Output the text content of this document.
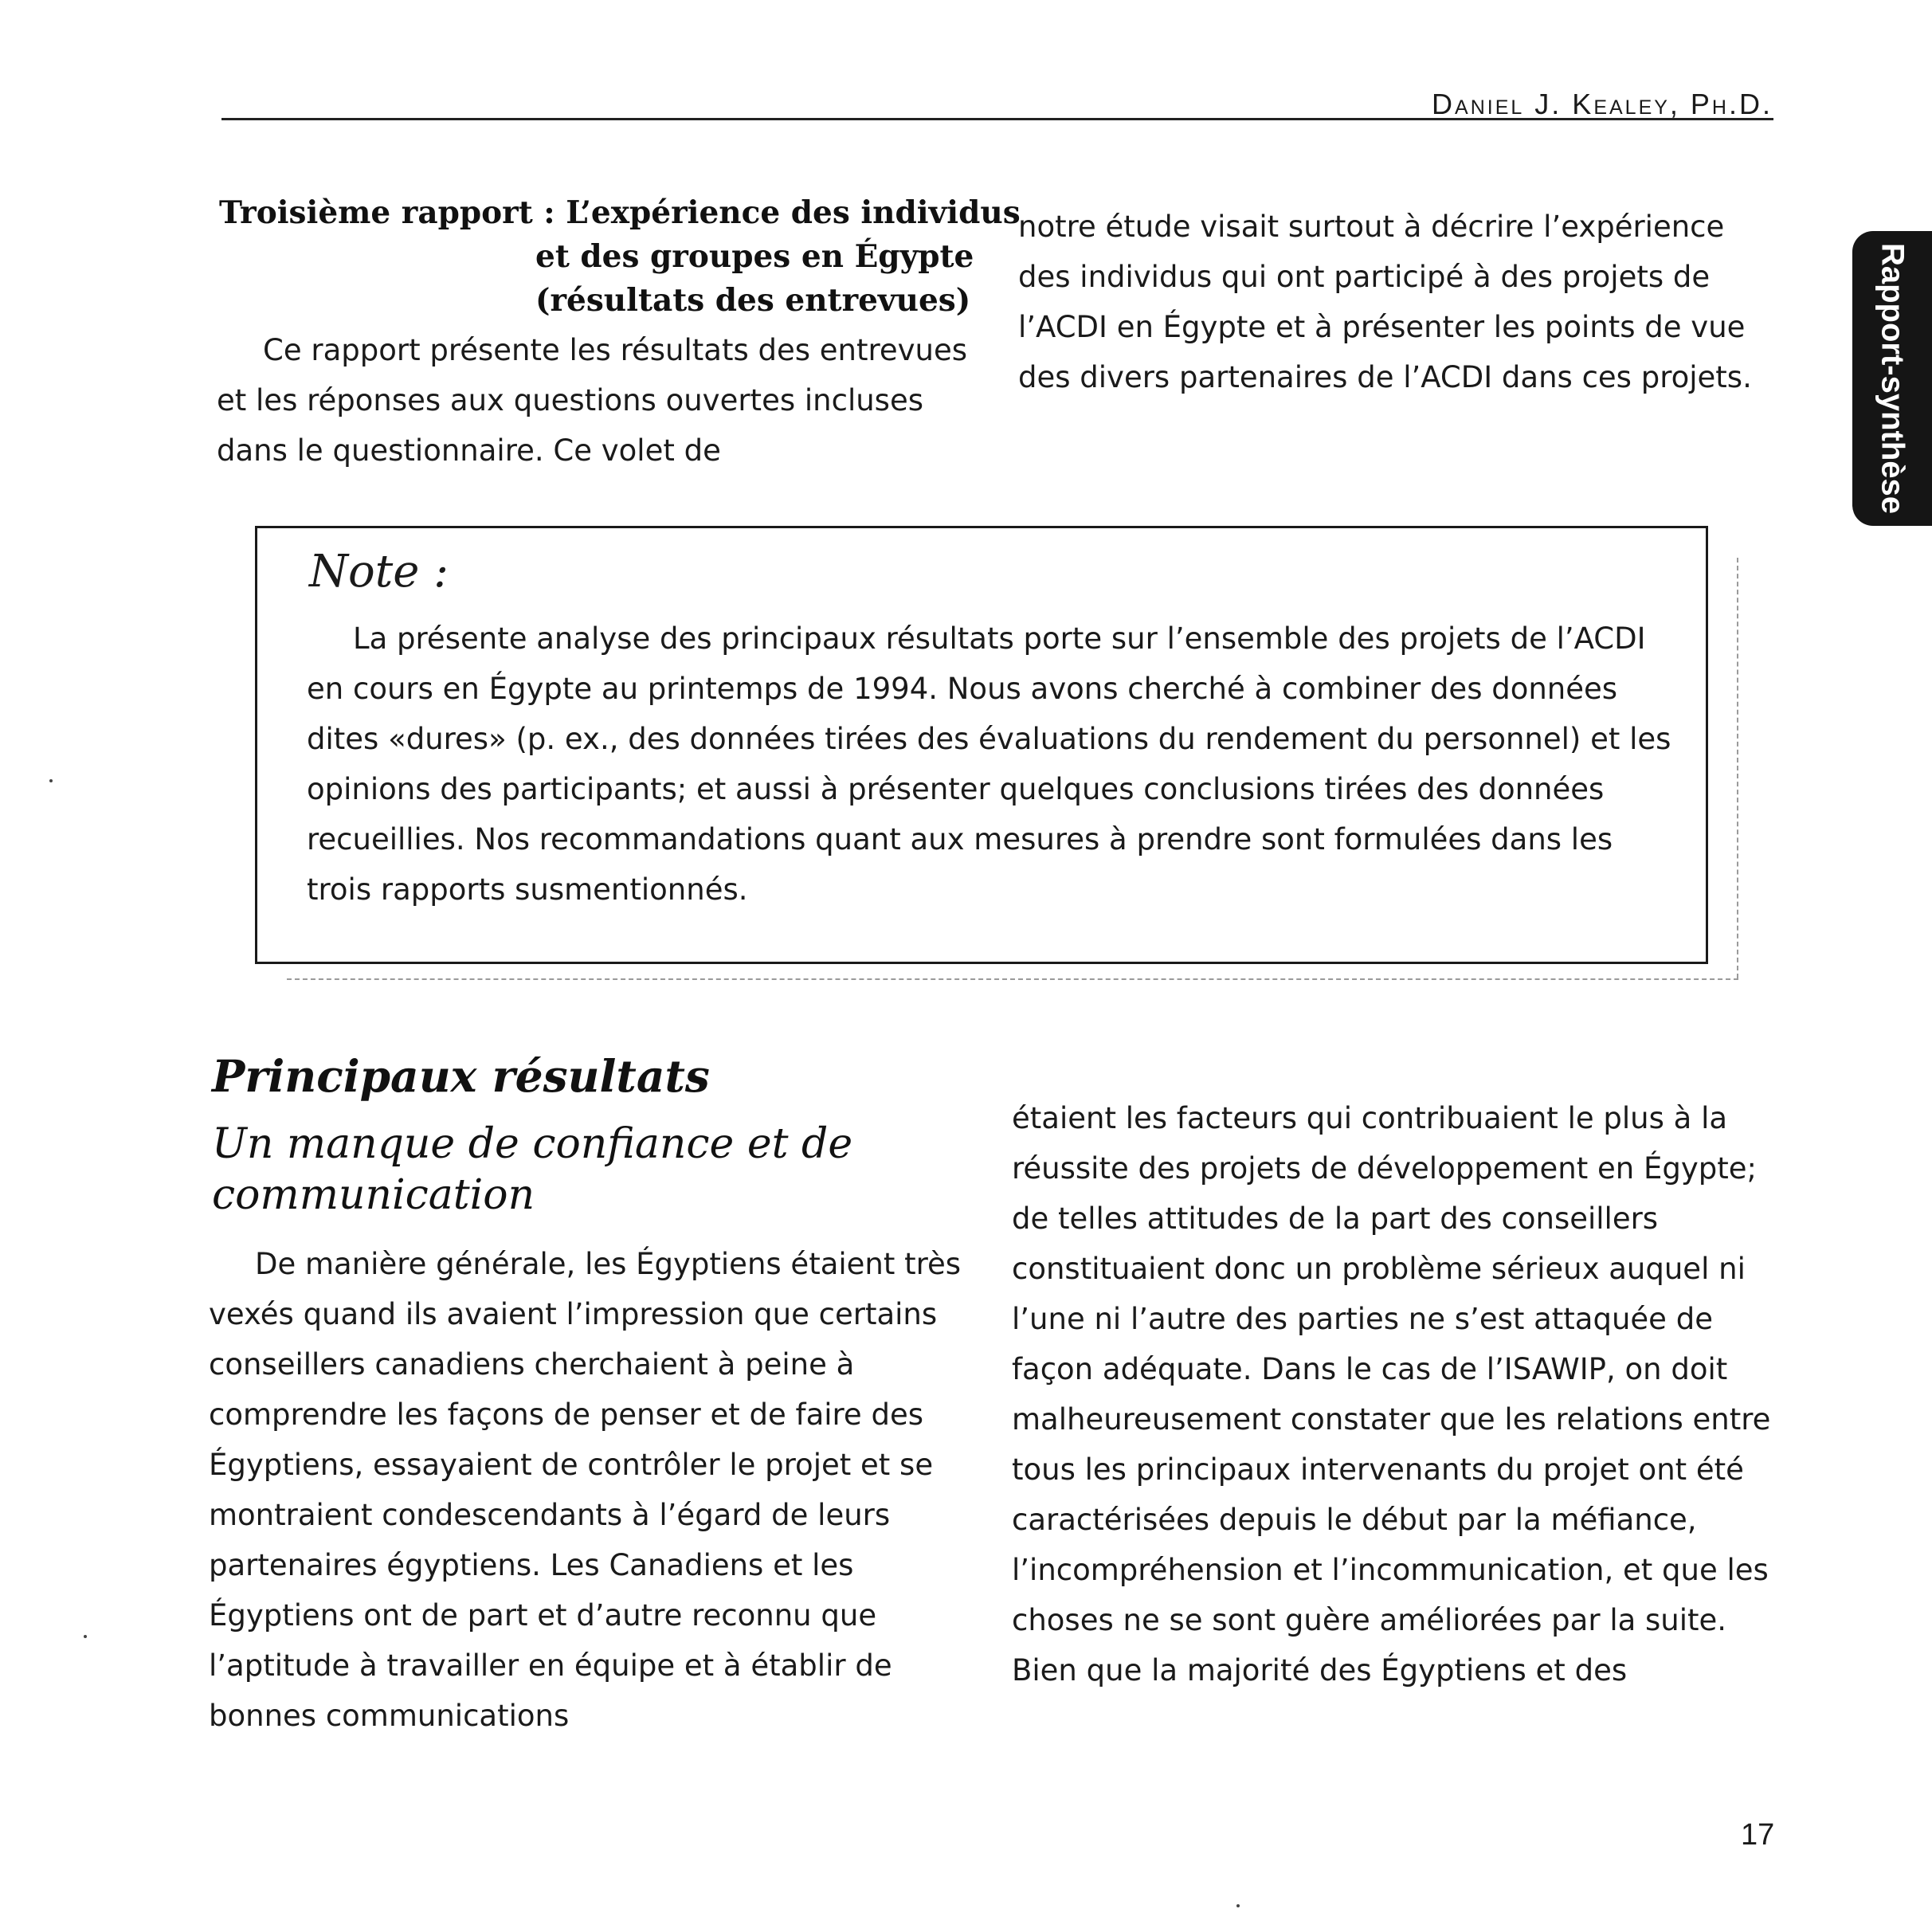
Daniel J. Kealey, Ph.D.
Rapport-synthèse
Troisième rapport : L’expérience des individus
et des groupes en Égypte
(résultats des entrevues)

Ce rapport présente les résultats des entrevues et les réponses aux questions ouvertes incluses dans le questionnaire. Ce volet de

notre étude visait surtout à décrire l’expérience des individus qui ont participé à des projets de l’ACDI en Égypte et à présenter les points de vue des divers partenaires de l’ACDI dans ces projets.

Note :

La présente analyse des principaux résultats porte sur l’ensemble des projets de l’ACDI en cours en Égypte au printemps de 1994. Nous avons cherché à combiner des données dites «dures» (p. ex., des données tirées des évaluations du rendement du personnel) et les opinions des participants; et aussi à présenter quelques conclusions tirées des données recueillies. Nos recommandations quant aux mesures à prendre sont formulées dans les trois rapports susmentionnés.

Principaux résultats
Un manque de confiance et de communication

De manière générale, les Égyptiens étaient très vexés quand ils avaient l’impression que certains conseillers canadiens cherchaient à peine à comprendre les façons de penser et de faire des Égyptiens, essayaient de contrôler le projet et se montraient condescendants à l’égard de leurs partenaires égyptiens. Les Canadiens et les Égyptiens ont de part et d’autre reconnu que l’aptitude à travailler en équipe et à établir de bonnes communications

étaient les facteurs qui contribuaient le plus à la réussite des projets de développement en Égypte; de telles attitudes de la part des conseillers constituaient donc un problème sérieux auquel ni l’une ni l’autre des parties ne s’est attaquée de façon adéquate. Dans le cas de l’ISAWIP, on doit malheureusement constater que les relations entre tous les principaux intervenants du projet ont été caractérisées depuis le début par la méfiance, l’incompréhension et l’incommunication, et que les choses ne se sont guère améliorées par la suite. Bien que la majorité des Égyptiens et des

17
